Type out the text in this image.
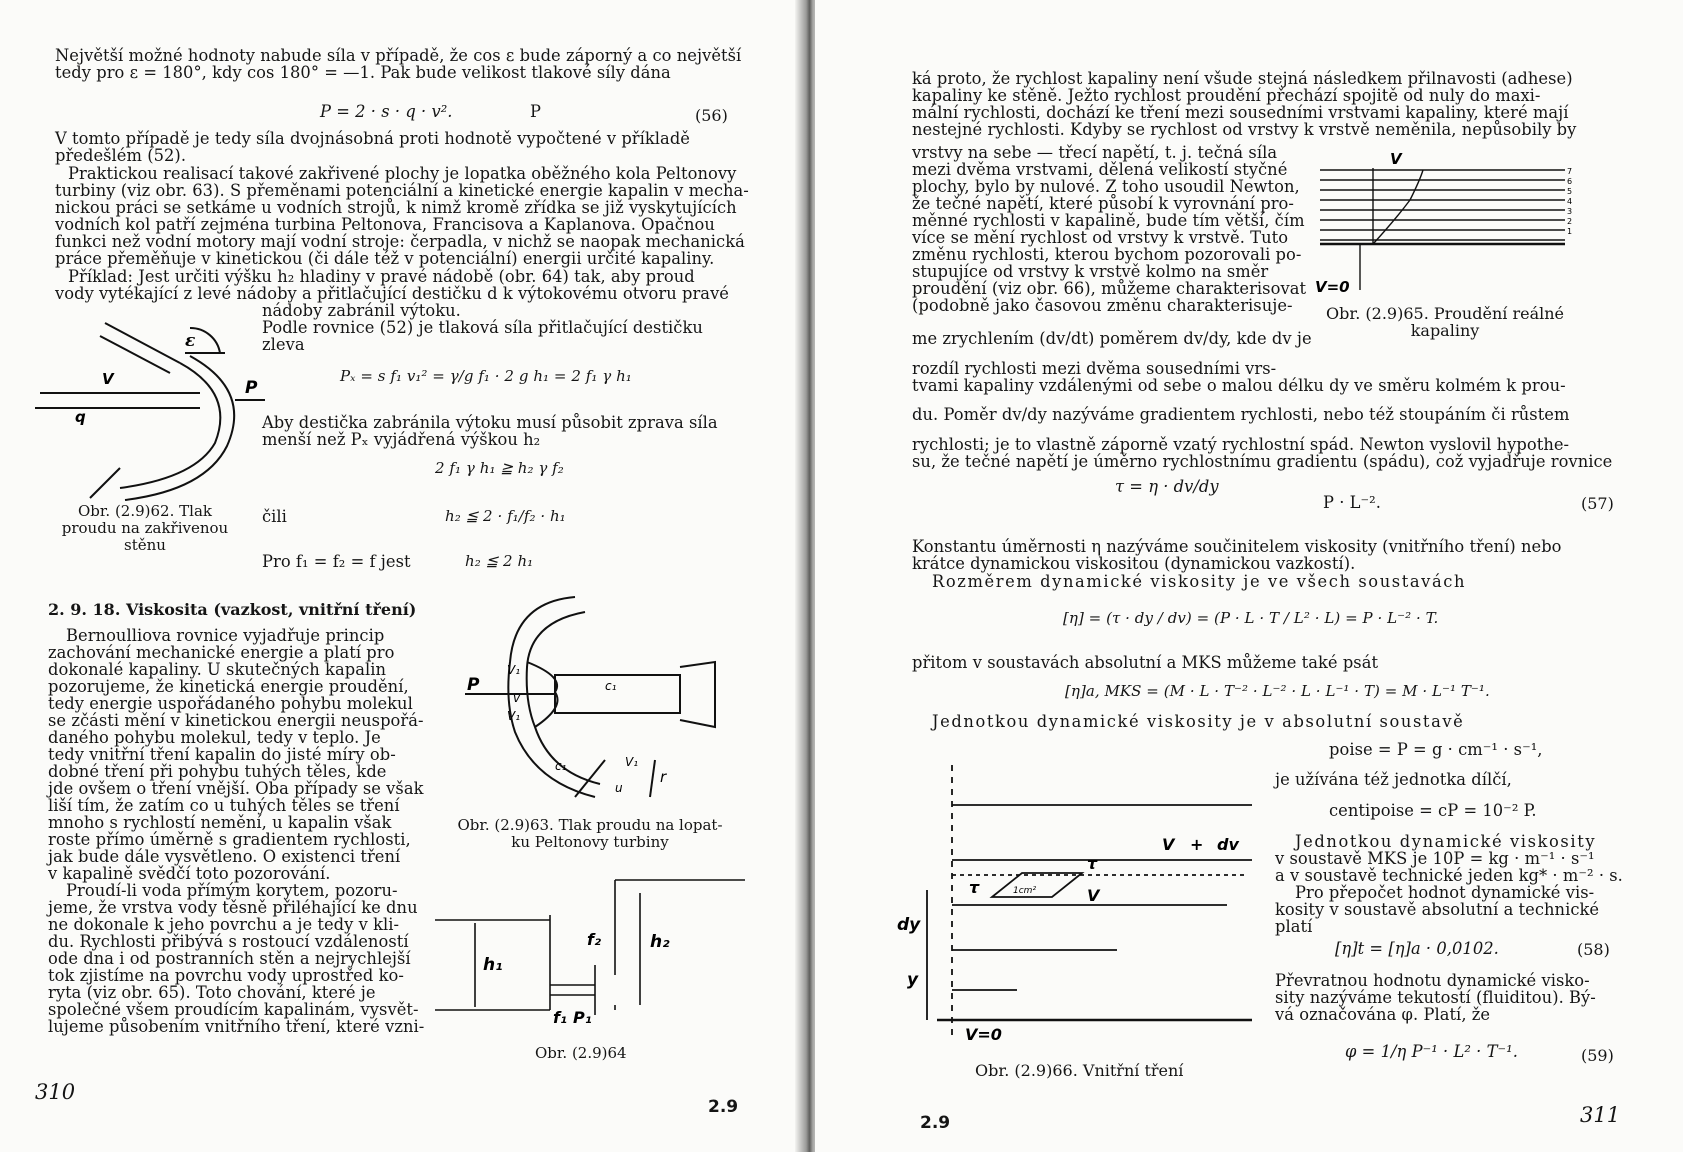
Největší možné hodnoty nabude síla v případě, že cos ε bude záporný a co největší
tedy pro ε = 180°, kdy cos 180° = —1. Pak bude velikost tlakové síly dána
P = 2 · s · q · v².	P	(56)
V tomto případě je tedy síla dvojnásobná proti hodnotě vypočtené v příkladě
předešlém (52).
Praktickou realisací takové zakřivené plochy je lopatka oběžného kola Peltonovy
turbiny (viz obr. 63). S přeměnami potenciální a kinetické energie kapalin v mecha-
nickou práci se setkáme u vodních strojů, k nimž kromě zřídka se již vyskytujících
vodních kol patří zejména turbina Peltonova, Francisova a Kaplanova. Opačnou
funkci než vodní motory mají vodní stroje: čerpadla, v nichž se naopak mechanická
práce přeměňuje v kinetickou (či dále též v potenciální) energii určité kapaliny.
Příklad: Jest určiti výšku h₂ hladiny v pravé nádobě (obr. 64) tak, aby proud
vody vytékající z levé nádoby a přitlačující destičku d k výtokovému otvoru pravé
nádoby zabránil výtoku.
Podle rovnice (52) je tlaková síla přitlačující destičku
zleva
Pₓ = s f₁ v₁² = γ/g f₁ · 2 g h₁ = 2 f₁ γ h₁
Aby destička zabránila výtoku musí působit zprava síla
menší než Pₓ vyjádřená výškou h₂
2 f₁ γ h₁ ≧ h₂ γ f₂
čili	h₂ ≦ 2 · f₁/f₂ · h₁
Pro f₁ = f₂ = f jest	h₂ ≦ 2 h₁
ε
V
q
P
Obr. (2.9)62. Tlak
proudu na zakřivenou
stěnu
2. 9. 18. Viskosita (vazkost, vnitřní tření)
Bernoulliova rovnice vyjadřuje princip
zachování mechanické energie a platí pro
dokonalé kapaliny. U skutečných kapalin
pozorujeme, že kinetická energie proudění,
tedy energie uspořádaného pohybu molekul
se zčásti mění v kinetickou energii neuspořá-
daného pohybu molekul, tedy v teplo. Je
tedy vnitřní tření kapalin do jisté míry ob-
dobné tření při pohybu tuhých těles, kde
jde ovšem o tření vnější. Oba případy se však
liší tím, že zatím co u tuhých těles se tření
mnoho s rychlostí nemění, u kapalin však
roste přímo úměrně s gradientem rychlosti,
jak bude dále vysvětleno. O existenci tření
v kapalině svědčí toto pozorování.
Proudí-li voda přímým korytem, pozoru-
jeme, že vrstva vody těsně přiléhající ke dnu
ne dokonale k jeho povrchu a je tedy v kli-
du. Rychlosti přibývá s rostoucí vzdáleností
ode dna i od postranních stěn a nejrychlejší
tok zjistíme na povrchu vody uprostřed ko-
ryta (viz obr. 65). Toto chování, které je
společné všem proudícím kapalinám, vysvět-
lujeme působením vnitřního tření, které vzni-
P
v
V₁
V₁
c₁
c₁	V₁
u
r
Obr. (2.9)63. Tlak proudu na lopat-
ku Peltonovy turbiny
h₁
h₂
f₂
f₁ P₁
Obr. (2.9)64
310
2.9
ká proto, že rychlost kapaliny není všude stejná následkem přilnavosti (adhese)
kapaliny ke stěně. Ježto rychlost proudění přechází spojitě od nuly do maxi-
mální rychlosti, dochází ke tření mezi sousedními vrstvami kapaliny, které mají
nestejné rychlosti. Kdyby se rychlost od vrstvy k vrstvě neměnila, nepůsobily by
vrstvy na sebe — třecí napětí, t. j. tečná síla
mezi dvěma vrstvami, dělená velikostí styčné
plochy, bylo by nulové. Z toho usoudil Newton,
že tečné napětí, které působí k vyrovnání pro-
měnné rychlosti v kapalině, bude tím větší, čím
více se mění rychlost od vrstvy k vrstvě. Tuto
změnu rychlosti, kterou bychom pozorovali po-
stupujíce od vrstvy k vrstvě kolmo na směr
proudění (viz obr. 66), můžeme charakterisovat
(podobně jako časovou změnu charakterisuje-
me zrychlením (dv/dt) poměrem dv/dy, kde dv je
rozdíl rychlosti mezi dvěma sousedními vrs-
tvami kapaliny vzdálenými od sebe o malou délku dy ve směru kolmém k prou-
du. Poměr dv/dy nazýváme gradientem rychlosti, nebo též stoupáním či růstem
rychlosti; je to vlastně záporně vzatý rychlostní spád. Newton vyslovil hypothe-
su, že tečné napětí je úměrno rychlostnímu gradientu (spádu), což vyjadřuje rovnice
V
V=0
7
6
5
4
3
2
1
Obr. (2.9)65. Proudění reálné
kapaliny
τ = η · dv/dy
P · L⁻².	(57)
Konstantu úměrnosti η nazýváme součinitelem viskosity (vnitřního tření) nebo
krátce dynamickou viskositou (dynamickou vazkostí).
Rozměrem dynamické viskosity je ve všech soustavách
[η] = (τ · dy / dv) = (P · L · T / L² · L) = P · L⁻² · T.
přitom v soustavách absolutní a MKS můžeme také psát
[η]a, MKS = (M · L · T⁻² · L⁻² · L · L⁻¹ · T) = M · L⁻¹ T⁻¹.
Jednotkou dynamické viskosity je v absolutní soustavě
poise = P = g · cm⁻¹ · s⁻¹,
je užívána též jednotka dílčí,
centipoise = cP = 10⁻² P.
Jednotkou dynamické viskosity
v soustavě MKS je 10P = kg · m⁻¹ · s⁻¹
a v soustavě technické jeden kg* · m⁻² · s.
Pro přepočet hodnot dynamické vis-
kosity v soustavě absolutní a technické
platí
[η]t = [η]a · 0,0102.	(58)
Převratnou hodnotu dynamické visko-
sity nazýváme tekutostí (fluiditou). Bý-
vá označována φ. Platí, že
φ = 1/η P⁻¹ · L² · T⁻¹.	(59)
V + dv
τ
τ	1cm²	V
dy
y
V=0
Obr. (2.9)66. Vnitřní tření
2.9	311
